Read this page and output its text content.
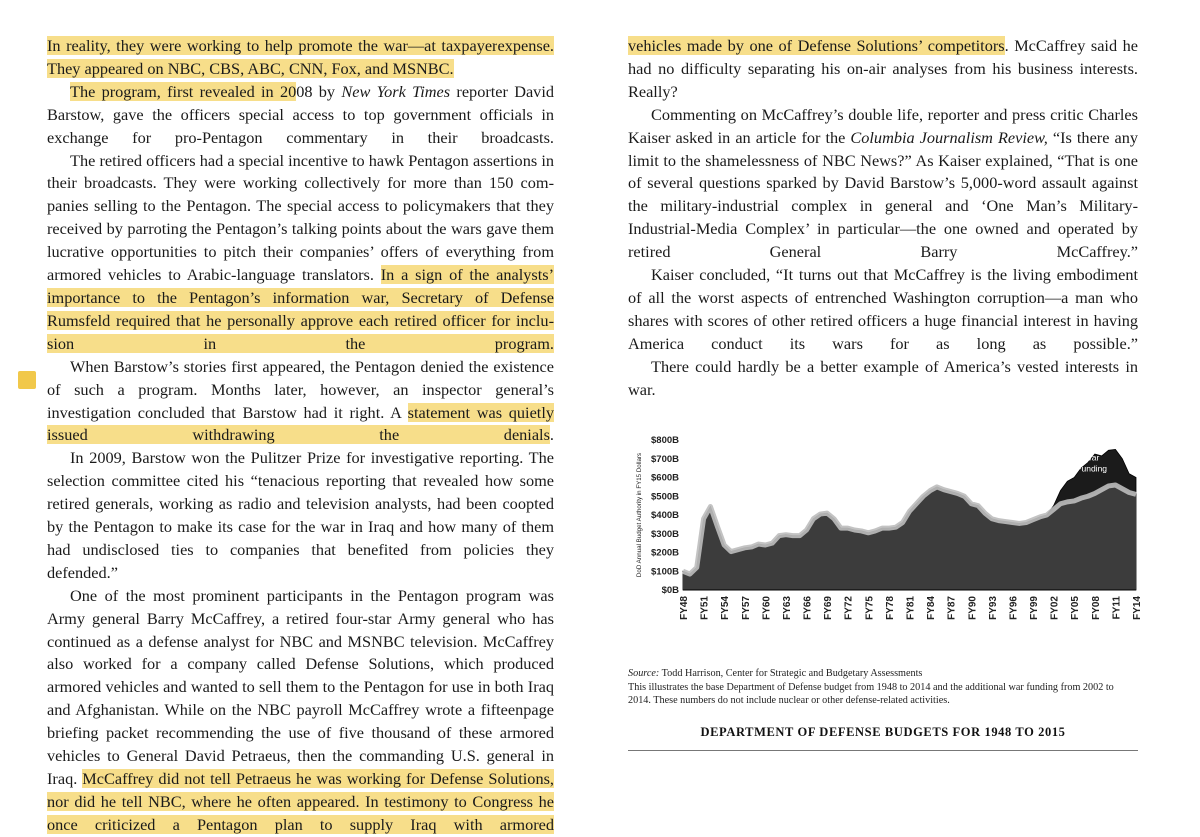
In reality, they were working to help promote the war—at taxpayerexpense. They appeared on NBC, CBS, ABC, CNN, Fox, and MSNBC.

The program, first revealed in 2008 by New York Times reporter David Barstow, gave the officers special access to top government officials in exchange for pro-Pentagon commentary in their broadcasts.

The retired officers had a special incentive to hawk Pentagon assertions in their broadcasts. They were working collectively for more than 150 companies selling to the Pentagon. The special access to policymakers that they received by parroting the Pentagon’s talking points about the wars gave them lucrative opportunities to pitch their companies’ offers of everything from armored vehicles to Arabic-language translators. In a sign of the analysts’ importance to the Pentagon’s information war, Secretary of Defense Rumsfeld required that he personally approve each retired officer for inclusion in the program.

When Barstow’s stories first appeared, the Pentagon denied the existence of such a program. Months later, however, an inspector general’s investigation concluded that Barstow had it right. A statement was quietly issued withdrawing the denials.

In 2009, Barstow won the Pulitzer Prize for investigative reporting. The selection committee cited his “tenacious reporting that revealed how some retired generals, working as radio and television analysts, had been coopted by the Pentagon to make its case for the war in Iraq and how many of them had undisclosed ties to companies that benefited from policies they defended.”

One of the most prominent participants in the Pentagon program was Army general Barry McCaffrey, a retired four-star Army general who has continued as a defense analyst for NBC and MSNBC television. McCaffrey also worked for a company called Defense Solutions, which produced armored vehicles and wanted to sell them to the Pentagon for use in both Iraq and Afghanistan. While on the NBC payroll McCaffrey wrote a fifteenpage briefing packet recommending the use of five thousand of these armored vehicles to General David Petraeus, then the commanding U.S. general in Iraq. McCaffrey did not tell Petraeus he was working for Defense Solutions, nor did he tell NBC, where he often appeared. In testimony to Congress he once criticized a Pentagon plan to supply Iraq with armored

vehicles made by one of Defense Solutions’ competitors. McCaffrey said he had no difficulty separating his on-air analyses from his business interests. Really?

Commenting on McCaffrey’s double life, reporter and press critic Charles Kaiser asked in an article for the Columbia Journalism Review, “Is there any limit to the shamelessness of NBC News?” As Kaiser explained, “That is one of several questions sparked by David Barstow’s 5,000-word assault against the military-industrial complex in general and ‘One Man’s Military-Industrial-Media Complex’ in particular—the one owned and operated by retired General Barry McCaffrey.”

Kaiser concluded, “It turns out that McCaffrey is the living embodiment of all the worst aspects of entrenched Washington corruption—a man who shares with scores of other retired officers a huge financial interest in having America conduct its wars for as long as possible.”

There could hardly be a better example of America’s vested interests in war.

$0B
$100B
$200B
$300B
$400B
$500B
$600B
$700B
$800B
DoD Annual Budget Authority in FY15 Dollars	War
Funding
FY48 FY51 FY54 FY57 FY60 FY63 FY66 FY69 FY72 FY75 FY78 FY81 FY84 FY87 FY90 FY93 FY96 FY99 FY02 FY05 FY08 FY11 FY14
Source: Todd Harrison, Center for Strategic and Budgetary Assessments
This illustrates the base Department of Defense budget from 1948 to 2014 and the additional war funding from 2002 to 2014. These numbers do not include nuclear or other defense-related activities.
DEPARTMENT OF DEFENSE BUDGETS FOR 1948 TO 2015
